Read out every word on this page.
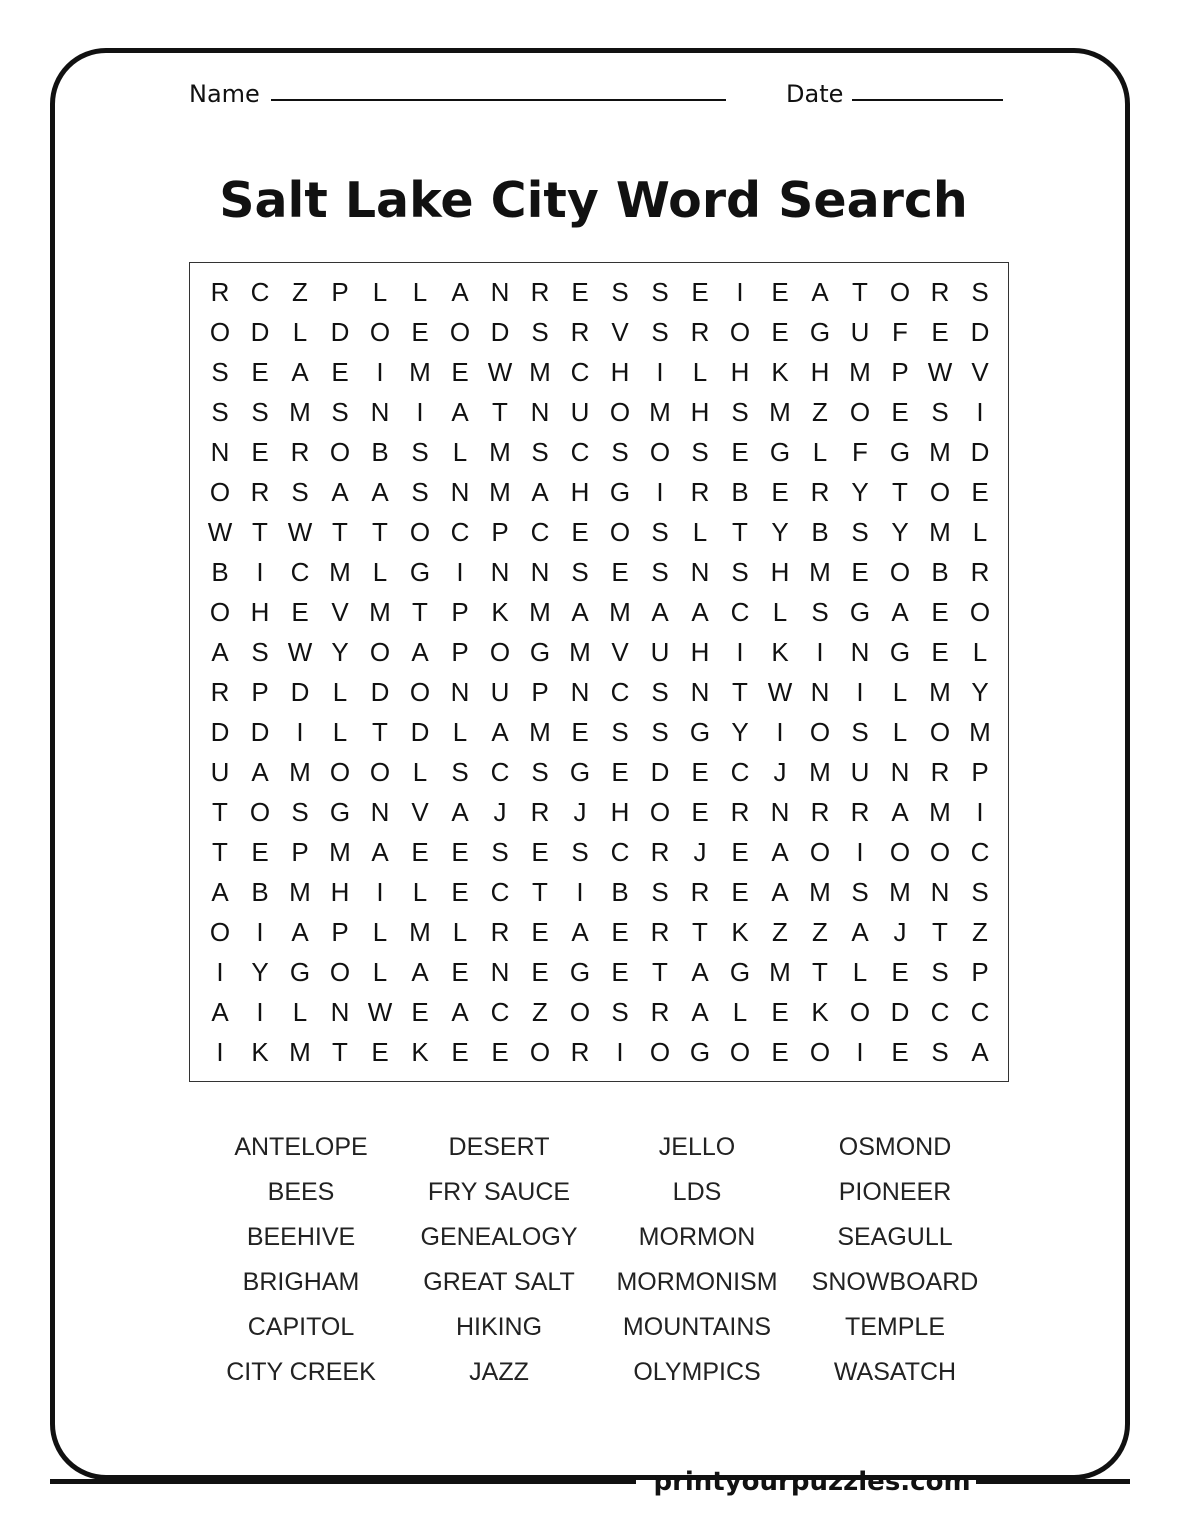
Name	Date
Salt Lake City Word Search
R C Z P L L A N R E S S E	I	E A T O R S
O D L D O E O D S R V S R O E G U F E D
S E A E	I M E W M C H	I	L H K H M P W V
S S M S N	I	A T N U O M H S M Z O E S	I
N E R O B S L M S C S O S E G L F G M D
O R S A A S N M A H G	I	R B E R Y T O E
W T W T T O C P C E O S L T Y B S Y M L
B	I	C M L G	I	N N S E S N S H M E O B R
O H E V M T P K M A M A A C L S G A E O
A S W Y O A P O G M V U H	I	K	I	N G E L
R P D L D O N U P N C S N T W N	I	L M Y
D D	I	L T D L A M E S S G Y	I	O S L O M
U A M O O L S C S G E D E C J M U N R P
T O S G N V A J R J H O E R N R R A M I
T E P M A E E S E S C R J E A O	I	O O C
A B M H	I	L E C T	I	B S R E A M S M N S
O	I	A P L M L R E A E R T K Z Z A J T Z
I	Y G O L A E N E G E T A G M T L E S P
A	I	L N W E A C Z O S R A L E K O D C C
I	K M T E K E E O R	I	O G O E O	I	E S A
ANTELOPE
BEES
BEEHIVE
BRIGHAM
CAPITOL
CITY CREEK
DESERT
FRY SAUCE
GENEALOGY
GREAT SALT
HIKING
JAZZ
JELLO
LDS
MORMON
MORMONISM
MOUNTAINS
OLYMPICS
OSMOND
PIONEER
SEAGULL
SNOWBOARD
TEMPLE
WASATCH
printyourpuzzles.com
